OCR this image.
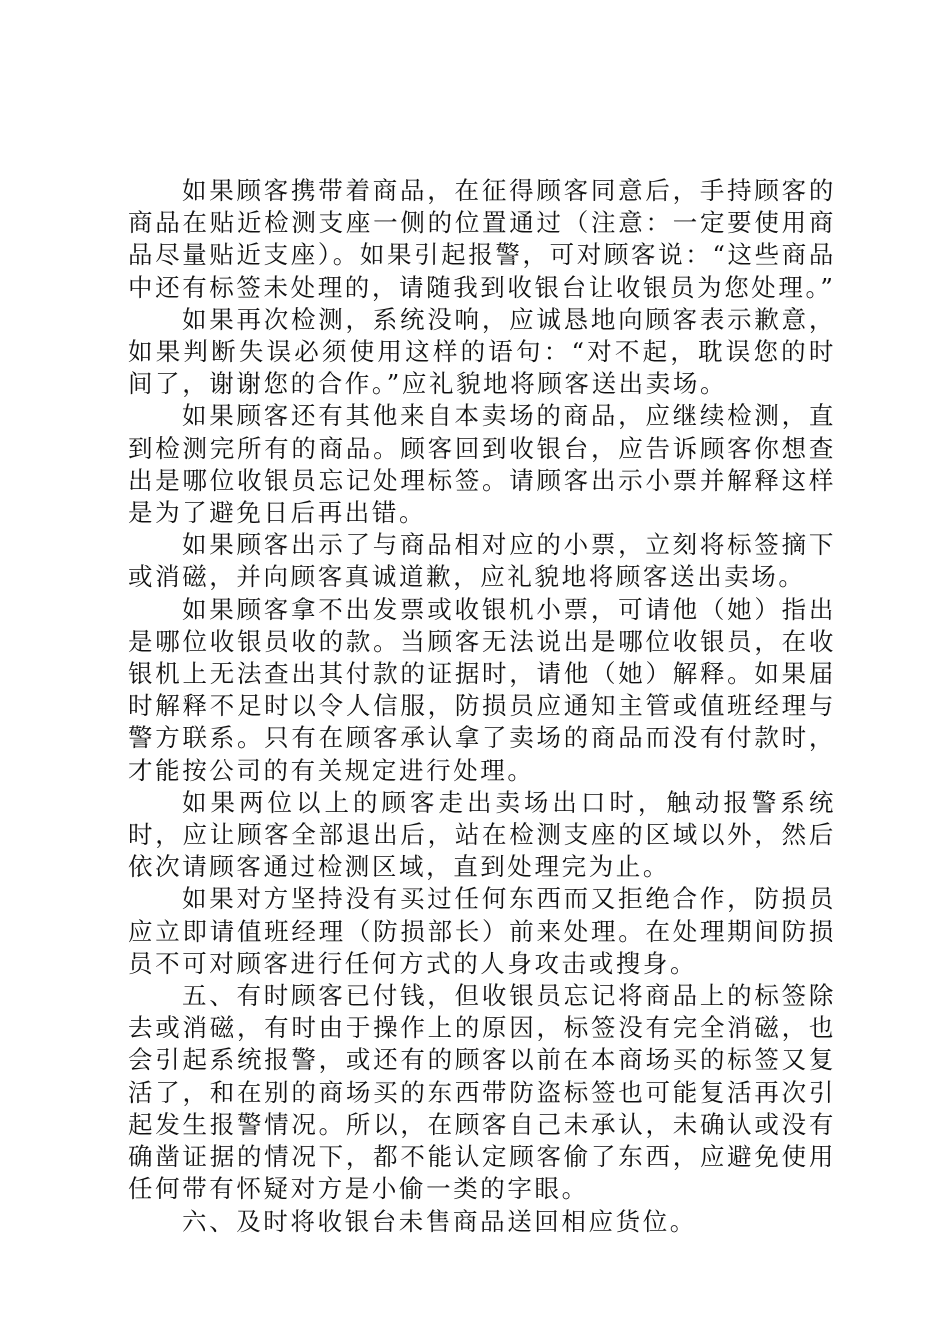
如果顾客携带着商品，在征得顾客同意后，手持顾客的商品在贴近检测支座一侧的位置通过（注意：一定要使用商品尽量贴近支座）。如果引起报警，可对顾客说：“这些商品中还有标签未处理的，请随我到收银台让收银员为您处理。”

如果再次检测，系统没响，应诚恳地向顾客表示歉意，如果判断失误必须使用这样的语句：“对不起，耽误您的时间了，谢谢您的合作。”应礼貌地将顾客送出卖场。

如果顾客还有其他来自本卖场的商品，应继续检测，直到检测完所有的商品。顾客回到收银台，应告诉顾客你想查出是哪位收银员忘记处理标签。请顾客出示小票并解释这样是为了避免日后再出错。

如果顾客出示了与商品相对应的小票，立刻将标签摘下或消磁，并向顾客真诚道歉，应礼貌地将顾客送出卖场。

如果顾客拿不出发票或收银机小票，可请他（她）指出是哪位收银员收的款。当顾客无法说出是哪位收银员，在收银机上无法查出其付款的证据时，请他（她）解释。如果届时解释不足时以令人信服，防损员应通知主管或值班经理与警方联系。只有在顾客承认拿了卖场的商品而没有付款时，才能按公司的有关规定进行处理。

如果两位以上的顾客走出卖场出口时，触动报警系统时，应让顾客全部退出后，站在检测支座的区域以外，然后依次请顾客通过检测区域，直到处理完为止。

如果对方坚持没有买过任何东西而又拒绝合作，防损员应立即请值班经理（防损部长）前来处理。在处理期间防损员不可对顾客进行任何方式的人身攻击或搜身。

五、有时顾客已付钱，但收银员忘记将商品上的标签除去或消磁，有时由于操作上的原因，标签没有完全消磁，也会引起系统报警，或还有的顾客以前在本商场买的标签又复活了，和在别的商场买的东西带防盗标签也可能复活再次引起发生报警情况。所以，在顾客自己未承认，未确认或没有确凿证据的情况下，都不能认定顾客偷了东西，应避免使用任何带有怀疑对方是小偷一类的字眼。

六、及时将收银台未售商品送回相应货位。
